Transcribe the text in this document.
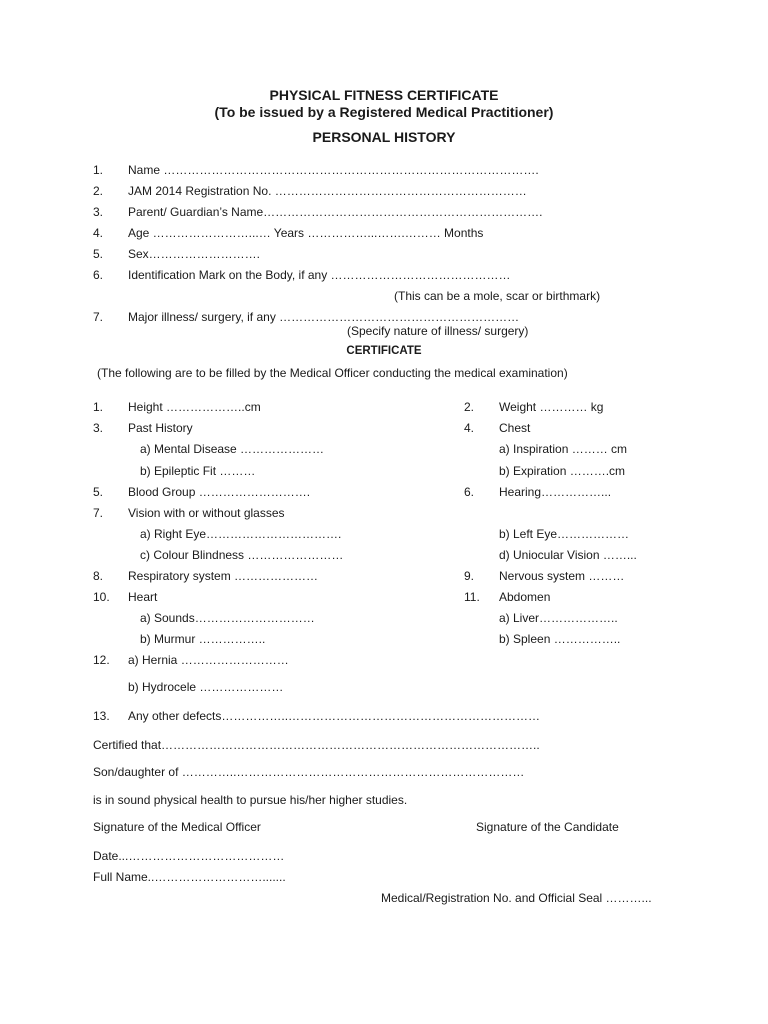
PHYSICAL FITNESS CERTIFICATE
(To be issued by a Registered Medical Practitioner)
PERSONAL HISTORY
1. Name ………………………………………………………………………………….
2. JAM 2014 Registration No. ………………………………………………………
3. Parent/ Guardian’s Name…………………………………………………………….
4. Age ……………………...… Years ……………...…….……… Months
5. Sex……………………….
6. Identification Mark on the Body, if any ………………………………………
(This can be a mole, scar or birthmark)
7. Major illness/ surgery, if any ……………………………………………………
(Specify nature of illness/ surgery)
CERTIFICATE
(The following are to be filled by the Medical Officer conducting the medical examination)
1. Height ………………..cm	2. Weight ………… kg
3. Past History	4. Chest
a) Mental Disease …………………	a) Inspiration ……… cm
b) Epileptic Fit ………	b) Expiration ……….cm
5. Blood Group ……………………….	6. Hearing……………...
7. Vision with or without glasses
a) Right Eye…………………………….	b) Left Eye………………
c) Colour Blindness ……………………	d) Uniocular Vision ……...
8. Respiratory system …………………	9. Nervous system ………
10. Heart	11. Abdomen
a) Sounds…………………………	a) Liver………………..
b) Murmur ……………..	b) Spleen ……………..
12. a) Hernia ………………………
b) Hydrocele …………………
13. Any other defects……………..………………………………………………………
Certified that…………………………………………………………………………………..
Son/daughter of …………..………………………………………………………………
is in sound physical health to pursue his/her higher studies.
Signature of the Medical Officer	Signature of the Candidate
Date...…………………………………
Full Name..……………………….......
Medical/Registration No. and Official Seal ………...
